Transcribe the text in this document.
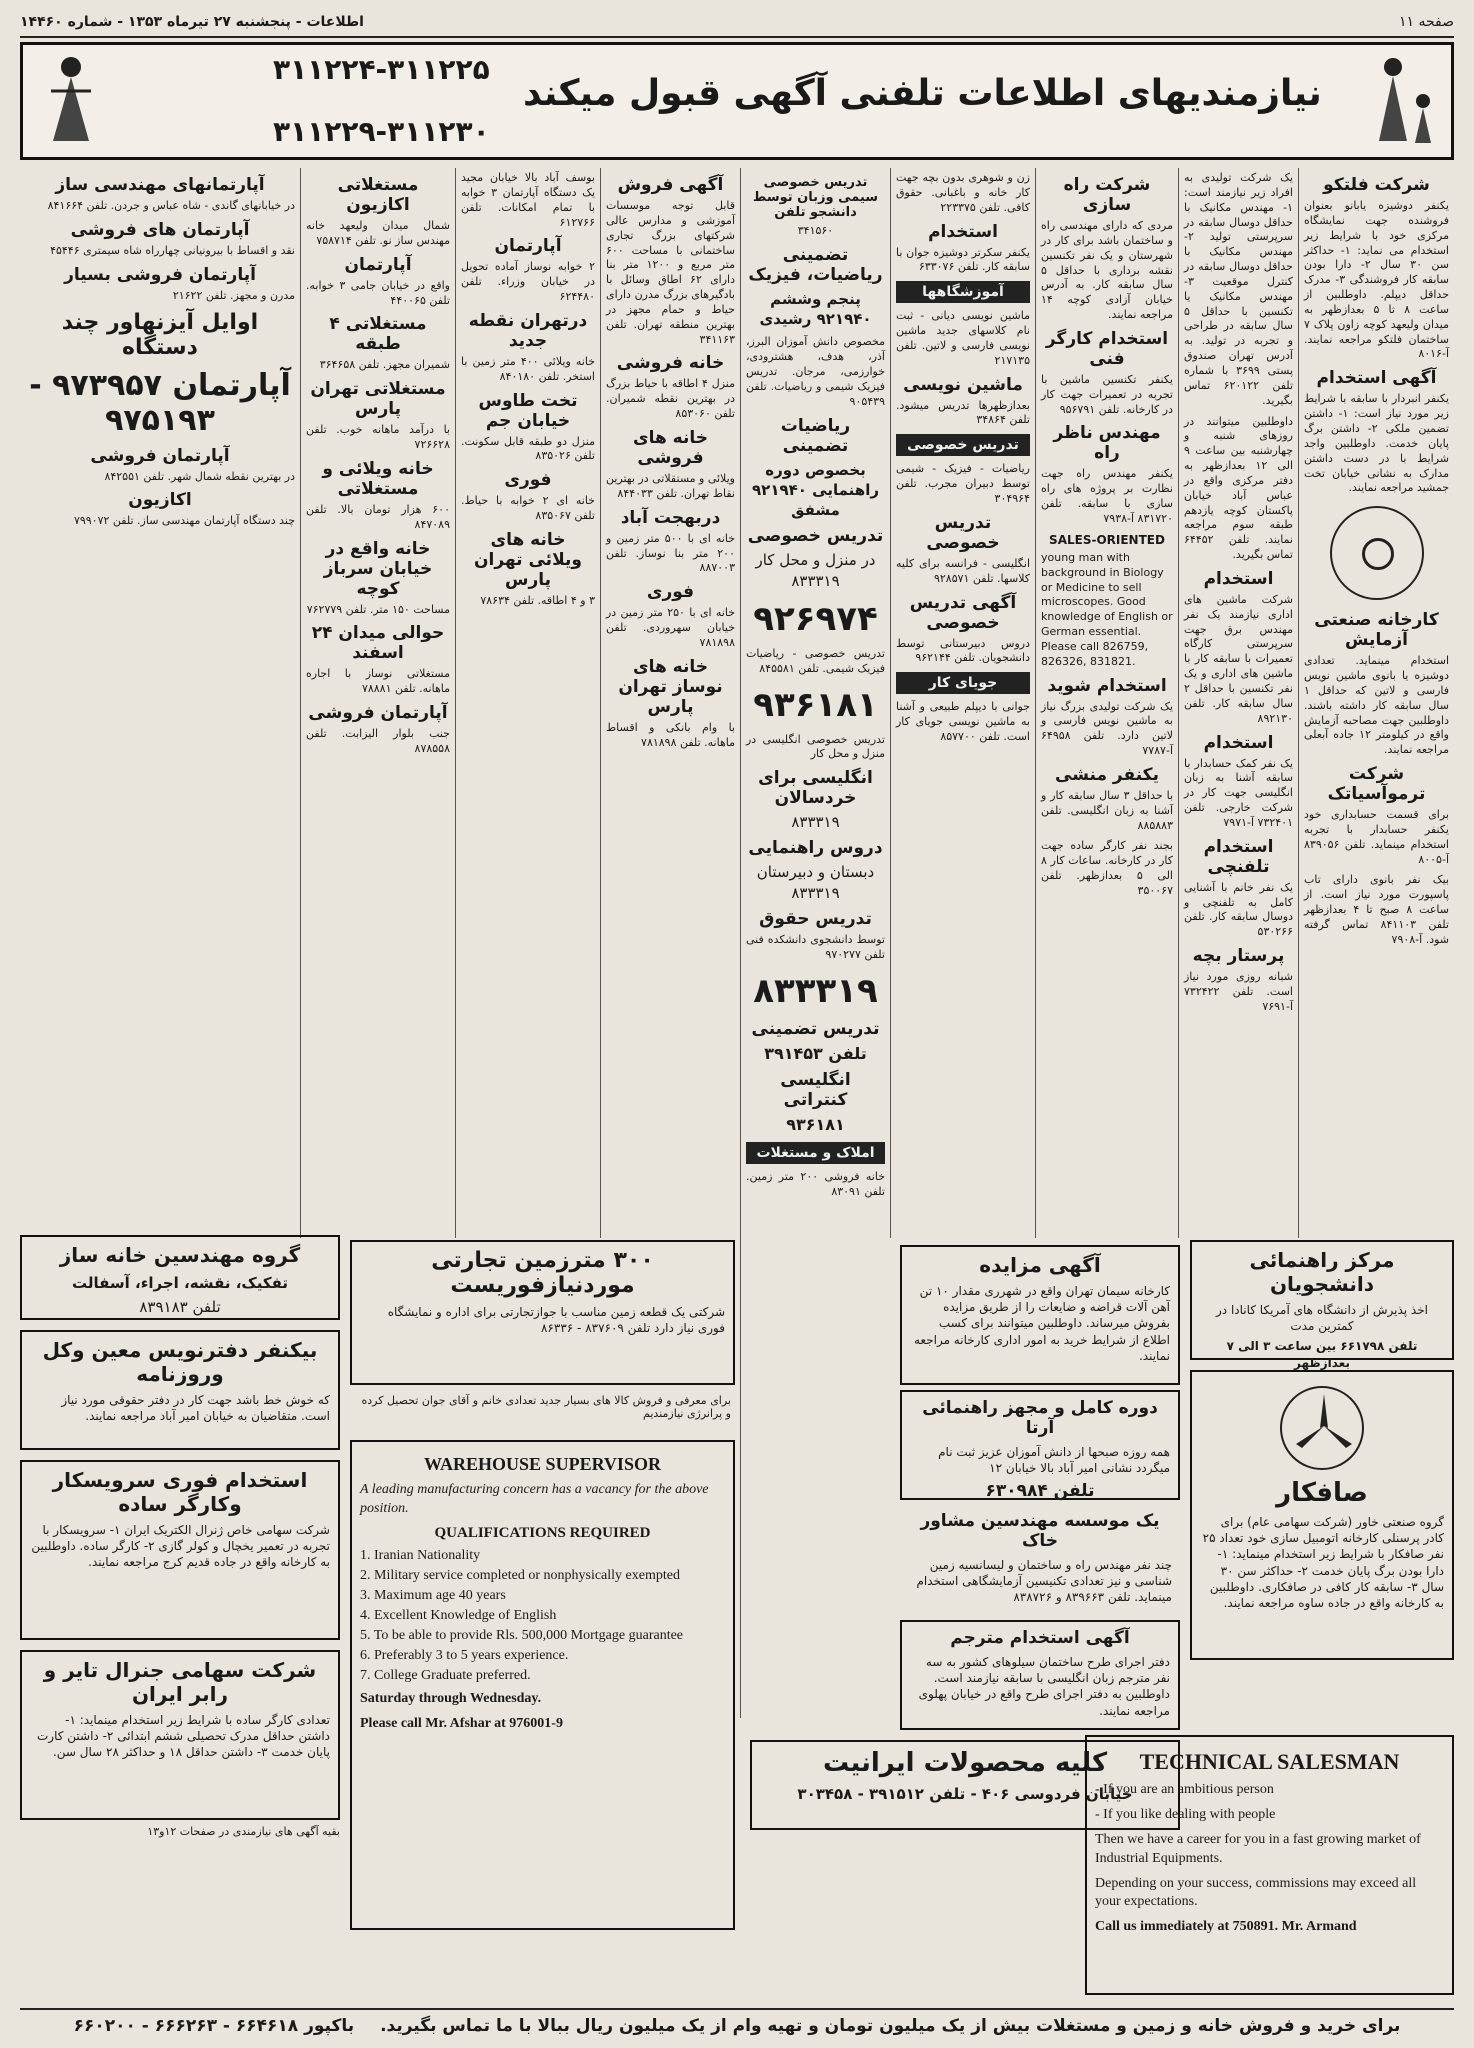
صفحه ۱۱
اطلاعات - پنجشنبه ۲۷ تیرماه ۱۳۵۳ - شماره ۱۴۴۶۰
۳۱۱۲۲۴-۳۱۱۲۲۵
نیازمندیهای اطلاعات تلفنی آگهی قبول میکند
۳۱۱۲۲۹-۳۱۱۲۳۰
شرکت فلتکو

یکنفر دوشیزه یابانو بعنوان فروشنده جهت نمایشگاه مرکزی خود با شرایط زیر استخدام می نماید: ۱- حداکثر سن ۳۰ سال ۲- دارا بودن سابقه کار فروشندگی ۳- مدرک حداقل دیپلم. داوطلبین از ساعت ۸ تا ۵ بعدازظهر به میدان ولیعهد کوچه زاون پلاک ۷ ساختمان فلتکو مراجعه نمایند. آ-۸۰۱۶

آگهی استخدام

یکنفر انبردار با سابقه با شرایط زیر مورد نیاز است: ۱- داشتن تضمین ملکی ۲- داشتن برگ پایان خدمت. داوطلبین واجد شرایط با در دست داشتن مدارک به نشانی خیابان تخت جمشید مراجعه نمایند.

کارخانه صنعتی آزمایش

استخدام مینماید. تعدادی دوشیزه یا بانوی ماشین نویس فارسی و لاتین که حداقل ۱ سال سابقه کار داشته باشند. داوطلبین جهت مصاحبه آزمایش واقع در کیلومتر ۱۲ جاده آبعلی مراجعه نمایند.

شرکت ترموآسیاتک

برای قسمت حسابداری خود یکنفر حسابدار با تجربه استخدام مینماید. تلفن ۸۳۹۰۵۶ آ-۸۰۰۵

بیک نفر بانوی دارای تاب پاسپورت مورد نیاز است. از ساعت ۸ صبح تا ۴ بعدازظهر تلفن ۸۴۱۱۰۳ تماس گرفته شود. آ-۷۹۰۸

یک شرکت تولیدی به افراد زیر نیازمند است: ۱- مهندس مکانیک با حداقل دوسال سابقه در سرپرستی تولید ۲- مهندس مکانیک با حداقل دوسال سابقه در کنترل موقعیت ۳- مهندس مکانیک یا تکنسین با حداقل ۵ سال سابقه در طراحی و تجربه در تولید. به آدرس تهران صندوق پستی ۳۶۹۹ با شماره تلفن ۶۲۰۱۲۲ تماس بگیرید.

داوطلبین میتوانند در روزهای شنبه و چهارشنبه بین ساعت ۹ الی ۱۲ بعدازظهر به دفتر مرکزی واقع در عباس آباد خیابان پاکستان کوچه یازدهم طبقه سوم مراجعه نمایند. تلفن ۶۴۴۵۲ تماس بگیرید.

استخدام

شرکت ماشین های اداری نیازمند یک نفر مهندس برق جهت سرپرستی کارگاه تعمیرات با سابقه کار با ماشین های اداری و یک نفر تکنسین با حداقل ۲ سال سابقه کار. تلفن ۸۹۲۱۳۰

استخدام

یک نفر کمک حسابدار با سابقه آشنا به زبان انگلیسی جهت کار در شرکت خارجی. تلفن ۷۳۲۴۰۱ آ-۷۹۷۱

استخدام تلفنچی

یک نفر خانم با آشنایی کامل به تلفنچی و دوسال سابقه کار. تلفن ۵۳۰۲۶۶

پرستار بچه

شبانه روزی مورد نیاز است. تلفن ۷۳۲۴۲۲ آ-۷۶۹۱

شرکت راه سازی

مردی که دارای مهندسی راه و ساختمان باشد برای کار در شهرستان و یک نفر تکنسین نقشه برداری با حداقل ۵ سال سابقه کار. به آدرس خیابان آزادی کوچه ۱۴ مراجعه نمایند.

استخدام کارگر فنی

یکنفر تکنسین ماشین با تجربه در تعمیرات جهت کار در کارخانه. تلفن ۹۵۶۷۹۱

مهندس ناظر راه

یکنفر مهندس راه جهت نظارت بر پروژه های راه سازی با سابقه. تلفن ۸۳۱۷۲۰ آ-۷۹۳۸

SALES-ORIENTED

young man with background in Biology or Medicine to sell microscopes. Good knowledge of English or German essential. Please call 826759, 826326, 831821.

استخدام شوید

یک شرکت تولیدی بزرگ نیاز به ماشین نویس فارسی و لاتین دارد. تلفن ۶۴۹۵۸ آ-۷۷۸۷

یکنفر منشی

با حداقل ۳ سال سابقه کار و آشنا به زبان انگلیسی. تلفن ۸۸۵۸۸۳

بجند نفر کارگر ساده جهت کار در کارخانه. ساعات کار ۸ الی ۵ بعدازظهر. تلفن ۳۵۰۰۶۷

زن و شوهری بدون بچه جهت کار خانه و باغبانی. حقوق کافی. تلفن ۲۲۳۳۷۵

استخدام

یکنفر سکرتر دوشیزه جوان با سابقه کار. تلفن ۶۳۳۰۷۶

آموزشگاهها

ماشین نویسی دیانی - ثبت نام کلاسهای جدید ماشین نویسی فارسی و لاتین. تلفن ۲۱۷۱۳۵

ماشین نویسی

بعدازظهرها تدریس میشود. تلفن ۳۴۸۶۴

تدریس خصوصی

ریاضیات - فیزیک - شیمی توسط دبیران مجرب. تلفن ۳۰۴۹۶۴

تدریس خصوصی

انگلیسی - فرانسه برای کلیه کلاسها. تلفن ۹۲۸۵۷۱

آگهی تدریس خصوصی

دروس دبیرستانی توسط دانشجویان. تلفن ۹۶۲۱۴۴

جویای کار

جوانی با دیپلم طبیعی و آشنا به ماشین نویسی جویای کار است. تلفن ۸۵۷۷۰۰

تدریس خصوصی سیمی وزبان توسط دانشجو تلفن

۳۴۱۵۶۰

تضمینی ریاضیات، فیزیک

پنجم وششم ۹۲۱۹۴۰ رشیدی

مخصوص دانش آموزان البرز، آذر، هدف، هشترودی، خوارزمی، مرجان. تدریس فیزیک شیمی و ریاضیات. تلفن ۹۰۵۴۳۹

ریاضیات تضمینی

بخصوص دوره راهنمایی ۹۲۱۹۴۰ مشفق

تدریس خصوصی

در منزل و محل کار ۸۳۳۳۱۹

۹۲۶۹۷۴

تدریس خصوصی - ریاضیات فیزیک شیمی. تلفن ۸۴۵۵۸۱

۹۳۶۱۸۱

تدریس خصوصی انگلیسی در منزل و محل کار

انگلیسی برای خردسالان

۸۳۳۳۱۹

دروس راهنمایی

دبستان و دبیرستان ۸۳۳۳۱۹

تدریس حقوق

توسط دانشجوی دانشکده فنی تلفن ۹۷۰۲۷۷

۸۳۳۳۱۹
تدریس تضمینی

تلفن ۳۹۱۴۵۳

انگلیسی کنتراتی

۹۳۶۱۸۱

املاک و مستغلات

خانه فروشی ۲۰۰ متر زمین. تلفن ۸۳۰۹۱

آگهی فروش

قابل توجه موسسات آموزشی و مدارس عالی شرکتهای بزرگ تجاری ساختمانی با مساحت ۶۰۰ متر مربع و ۱۲۰۰ متر بنا دارای ۶۲ اطاق وسائل با بادگیرهای بزرگ مدرن دارای حیاط و حمام مجهز در بهترین منطقه تهران. تلفن ۳۴۱۱۶۳

خانه فروشی

منزل ۴ اطاقه با حیاط بزرگ در بهترین نقطه شمیران. تلفن ۸۵۳۰۶۰

خانه های فروشی

ویلائی و مستقلاتی در بهترین نقاط تهران. تلفن ۸۴۴۰۳۳

دربهجت آباد

خانه ای با ۵۰۰ متر زمین و ۲۰۰ متر بنا نوساز. تلفن ۸۸۷۰۰۳

فوری

خانه ای با ۲۵۰ متر زمین در خیابان سهروردی. تلفن ۷۸۱۸۹۸

خانه های نوساز تهران پارس

با وام بانکی و اقساط ماهانه. تلفن ۷۸۱۸۹۸

بوسف آباد بالا خیابان مجید یک دستگاه آپارتمان ۳ خوابه با تمام امکانات. تلفن ۶۱۲۷۶۶

آپارتمان

۲ خوابه نوساز آماده تحویل در خیابان وزراء. تلفن ۶۲۴۴۸۰

درتهران نقطه جدید

خانه ویلائی ۴۰۰ متر زمین با استخر. تلفن ۸۴۰۱۸۰

تخت طاوس خیابان جم

منزل دو طبقه قابل سکونت. تلفن ۸۳۵۰۲۶

فوری

خانه ای ۲ خوابه با حیاط. تلفن ۸۳۵۰۶۷

خانه های ویلائی تهران پارس

۳ و ۴ اطاقه. تلفن ۷۸۶۳۴

مستغلاتی اکازیون

شمال میدان ولیعهد خانه مهندس ساز نو. تلفن ۷۵۸۷۱۴

آپارتمان

واقع در خیابان جامی ۳ خوابه. تلفن ۴۴۰۰۶۵

مستغلاتی ۴ طبقه

شمیران مجهز. تلفن ۳۶۴۶۵۸

مستغلاتی تهران پارس

با درآمد ماهانه خوب. تلفن ۷۲۶۶۲۸

خانه ویلائی و مستغلاتی

۶۰۰ هزار تومان بالا. تلفن ۸۴۷۰۸۹

خانه واقع در خیابان سرباز کوچه

مساحت ۱۵۰ متر. تلفن ۷۶۲۷۷۹

حوالی میدان ۲۴ اسفند

مستغلاتی نوساز با اجاره ماهانه. تلفن ۷۸۸۸۱

آپارتمان فروشی

جنب بلوار الیزابت. تلفن ۸۷۸۵۵۸

آپارتمانهای مهندسی ساز

در خیابانهای گاندی - شاه عباس و جردن. تلفن ۸۴۱۶۶۴

آپارتمان های فروشی

نقد و اقساط با بیرونیانی چهارراه شاه سیمتری ۴۵۴۴۶

آپارتمان فروشی بسیار

مدرن و مجهز. تلفن ۲۱۶۲۲

اوایل آیزنهاور چند دستگاه
آپارتمان ۹۷۳۹۵۷ - ۹۷۵۱۹۳
آپارتمان فروشی

در بهترین نقطه شمال شهر. تلفن ۸۴۲۵۵۱

اکازیون

چند دستگاه آپارتمان مهندسی ساز. تلفن ۷۹۹۰۷۲

گروه مهندسین خانه ساز

تفکیک، نقشه، اجراء، آسفالت

تلفن ۸۳۹۱۸۳

بیکنفر دفترنویس معین وکل وروزنامه

که خوش خط باشد جهت کار در دفتر حقوقی مورد نیاز است. متقاضیان به خیابان امیر آباد مراجعه نمایند.

استخدام فوری سرویسکار وکارگر ساده

شرکت سهامی خاص ژنرال الکتریک ایران ۱- سرویسکار با تجربه در تعمیر یخچال و کولر گازی ۲- کارگر ساده. داوطلبین به کارخانه واقع در جاده قدیم کرج مراجعه نمایند.

شرکت سهامی جنرال تایر و رابر ایران

تعدادی کارگر ساده با شرایط زیر استخدام مینماید: ۱- داشتن حداقل مدرک تحصیلی ششم ابتدائی ۲- داشتن کارت پایان خدمت ۳- داشتن حداقل ۱۸ و حداکثر ۲۸ سال سن.

بقیه آگهی های نیازمندی در صفحات ۱۲و۱۳
۳۰۰ مترزمین تجارتی موردنیازفوریست

شرکتی یک قطعه زمین مناسب با جوازتجارتی برای اداره و نمایشگاه فوری نیاز دارد تلفن ۸۳۷۶۰۹ - ۸۶۳۳۶

برای معرفی و فروش کالا های بسیار جدید تعدادی خانم و آقای جوان تحصیل کرده و پرانرژی نیازمندیم
WAREHOUSE SUPERVISOR

A leading manufacturing concern has a vacancy for the above position.

QUALIFICATIONS REQUIRED
1. Iranian Nationality
2. Military service completed or nonphysically exempted
3. Maximum age 40 years
4. Excellent Knowledge of English
5. To be able to provide Rls. 500,000 Mortgage guarantee
6. Preferably 3 to 5 years experience.
7. College Graduate preferred.

Saturday through Wednesday.

Please call Mr. Afshar at 976001-9

آگهی مزایده

کارخانه سیمان تهران واقع در شهرری مقدار ۱۰ تن آهن آلات قراضه و ضایعات را از طریق مزایده بفروش میرساند. داوطلبین میتوانند برای کسب اطلاع از شرایط خرید به امور اداری کارخانه مراجعه نمایند.

دوره کامل و مجهز راهنمائی آرتا

همه روزه صبحها از دانش آموزان عزیز ثبت نام میگردد نشانی امیر آباد بالا خیابان ۱۲

تلفن ۶۳۰۹۸۴

یک موسسه مهندسین مشاور خاک

چند نفر مهندس راه و ساختمان و لیسانسیه زمین شناسی و نیز تعدادی تکنیسین آزمایشگاهی استخدام مینماید. تلفن ۸۳۹۶۶۳ و ۸۳۸۷۲۶

آگهی استخدام مترجم

دفتر اجرای طرح ساختمان سیلوهای کشور به سه نفر مترجم زبان انگلیسی با سابقه نیازمند است. داوطلبین به دفتر اجرای طرح واقع در خیابان پهلوی مراجعه نمایند.

کلیه محصولات ایرانیت

خیابان فردوسی ۴۰۶ - تلفن ۳۹۱۵۱۲ - ۳۰۳۴۵۸

مرکز راهنمائی دانشجویان

اخذ پذیرش از دانشگاه های آمریکا کانادا در کمترین مدت

تلفن ۶۶۱۷۹۸ بین ساعت ۳ الی ۷ بعدازظهر

صافکار

گروه صنعتی خاور (شرکت سهامی عام) برای کادر پرسنلی کارخانه اتومبیل سازی خود تعداد ۲۵ نفر صافکار با شرایط زیر استخدام مینماید: ۱- دارا بودن برگ پایان خدمت ۲- حداکثر سن ۳۰ سال ۳- سابقه کار کافی در صافکاری. داوطلبین به کارخانه واقع در جاده ساوه مراجعه نمایند.

TECHNICAL SALESMAN

- If you are an ambitious person

- If you like dealing with people

Then we have a career for you in a fast growing market of Industrial Equipments.

Depending on your success, commissions may exceed all your expectations.

Call us immediately at 750891. Mr. Armand

برای خرید و فروش خانه و زمین و مستغلات بیش از یک میلیون تومان و تهیه وام از یک میلیون ریال ببالا با ما تماس بگیرید. باکپور ۶۶۴۶۱۸ - ۶۶۶۲۶۳ - ۶۶۰۲۰۰
